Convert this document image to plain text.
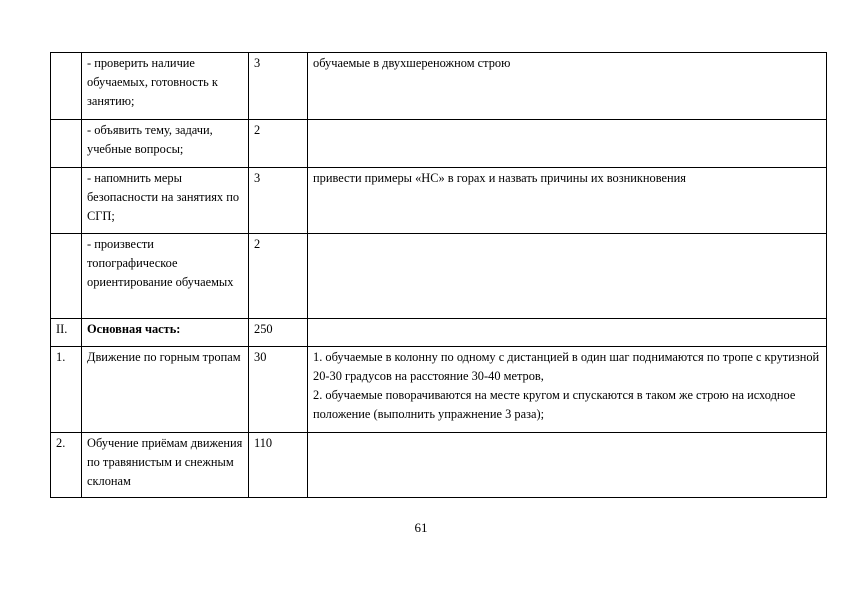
	- проверить наличие обучаемых, готовность к занятию;	3	обучаемые в двухшереножном строю
	- объявить тему, задачи, учебные вопросы;	2	
	- напомнить меры безопасности на занятиях по СГП;	3	привести примеры «НС» в горах и назвать причины их возникновения
	- произвести топографическое ориентирование обучаемых	2	
II.	Основная часть:	250	
1.	Движение по горным тропам	30	1. обучаемые в колонну по одному с дистанцией в один шаг поднимаются по тропе с крутизной 20-30 градусов на расстояние 30-40 метров,
2. обучаемые поворачиваются на месте кругом и спускаются в таком же строю на исходное положение (выполнить упражнение 3 раза);

2.	Обучение приёмам движения по травянистым и снежным склонам	110	
61
